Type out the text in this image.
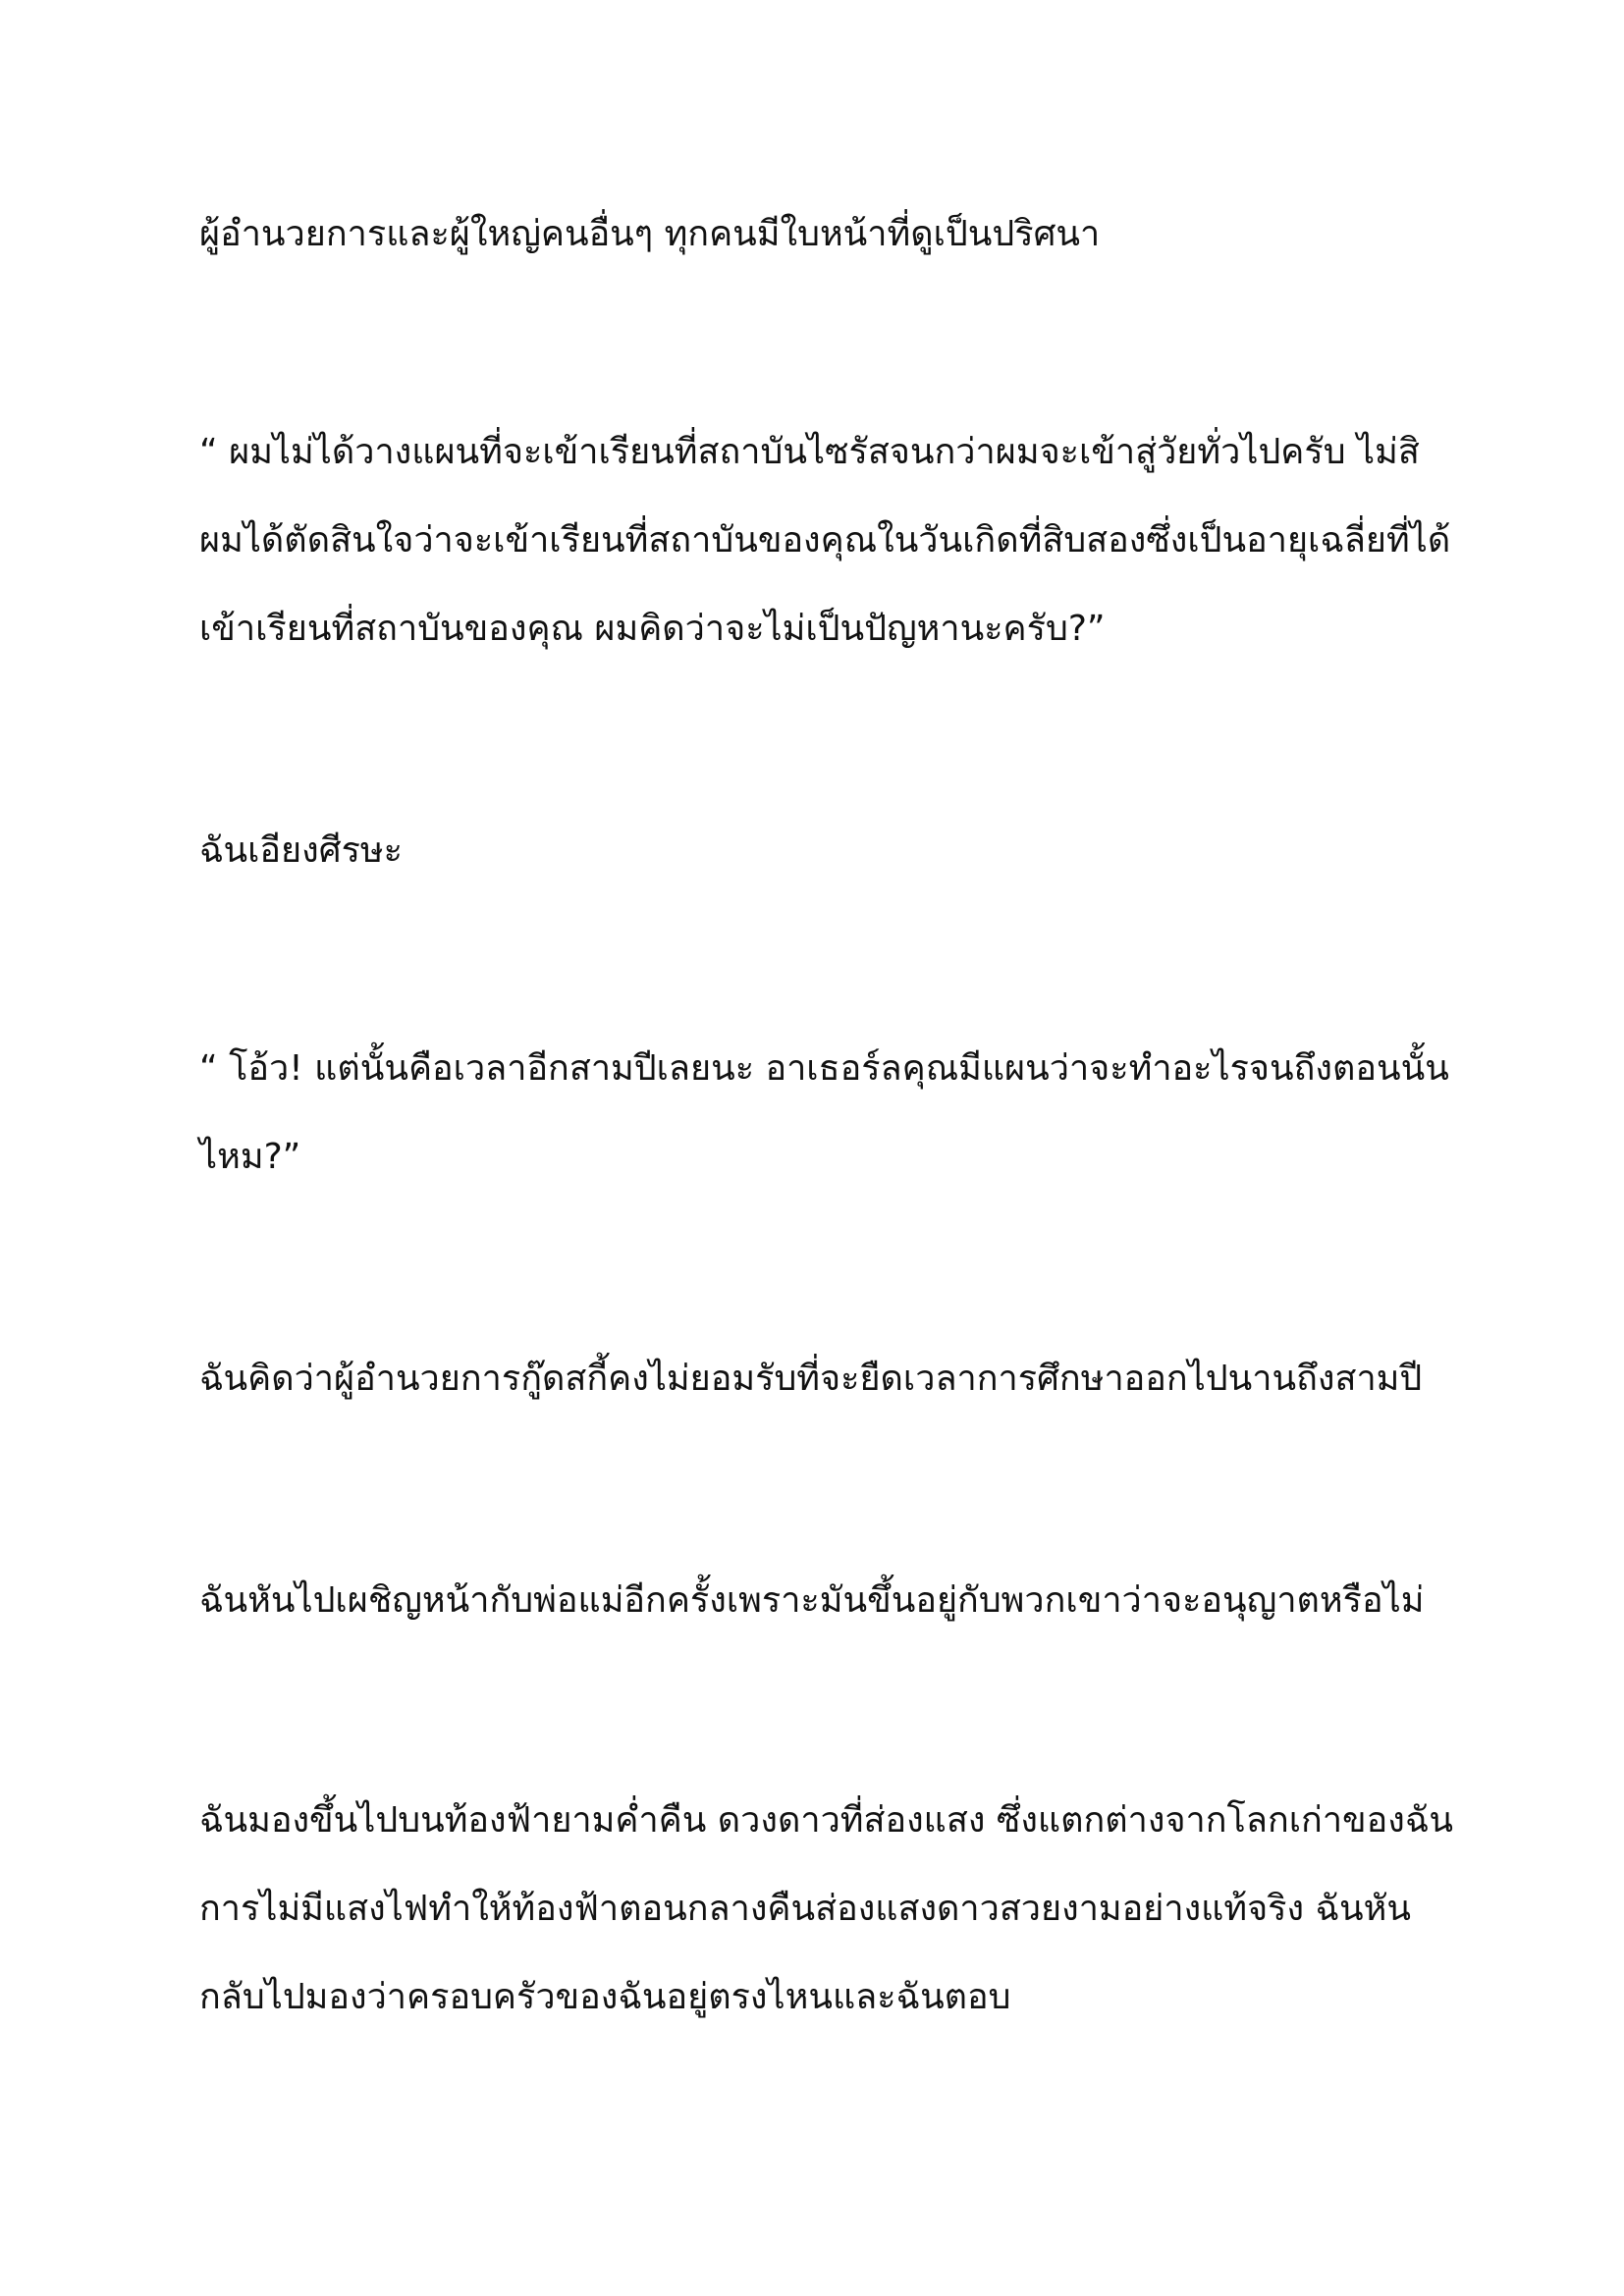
ผู้อำนวยการและผู้ใหญ่คนอื่นๆ ทุกคนมีใบหน้าที่ดูเป็นปริศนา
“ ผมไม่ได้วางแผนที่จะเข้าเรียนที่สถาบันไซรัสจนกว่าผมจะเข้าสู่วัยทั่วไปครับ ไม่สิ
ผมได้ตัดสินใจว่าจะเข้าเรียนที่สถาบันของคุณในวันเกิดที่สิบสองซึ่งเป็นอายุเฉลี่ยที่ได้
เข้าเรียนที่สถาบันของคุณ ผมคิดว่าจะไม่เป็นปัญหานะครับ?”
ฉันเอียงศีรษะ
“ โอ้ว! แต่นั้นคือเวลาอีกสามปีเลยนะ อาเธอร์ลคุณมีแผนว่าจะทำอะไรจนถึงตอนนั้น
ไหม?”
ฉันคิดว่าผู้อำนวยการกู๊ดสกี้คงไม่ยอมรับที่จะยืดเวลาการศึกษาออกไปนานถึงสามปี
ฉันหันไปเผชิญหน้ากับพ่อแม่อีกครั้งเพราะมันขึ้นอยู่กับพวกเขาว่าจะอนุญาตหรือไม่
ฉันมองขึ้นไปบนท้องฟ้ายามค่ำคืน ดวงดาวที่ส่องแสง ซึ่งแตกต่างจากโลกเก่าของฉัน
การไม่มีแสงไฟทำให้ท้องฟ้าตอนกลางคืนส่องแสงดาวสวยงามอย่างแท้จริง ฉันหัน
กลับไปมองว่าครอบครัวของฉันอยู่ตรงไหนและฉันตอบ
